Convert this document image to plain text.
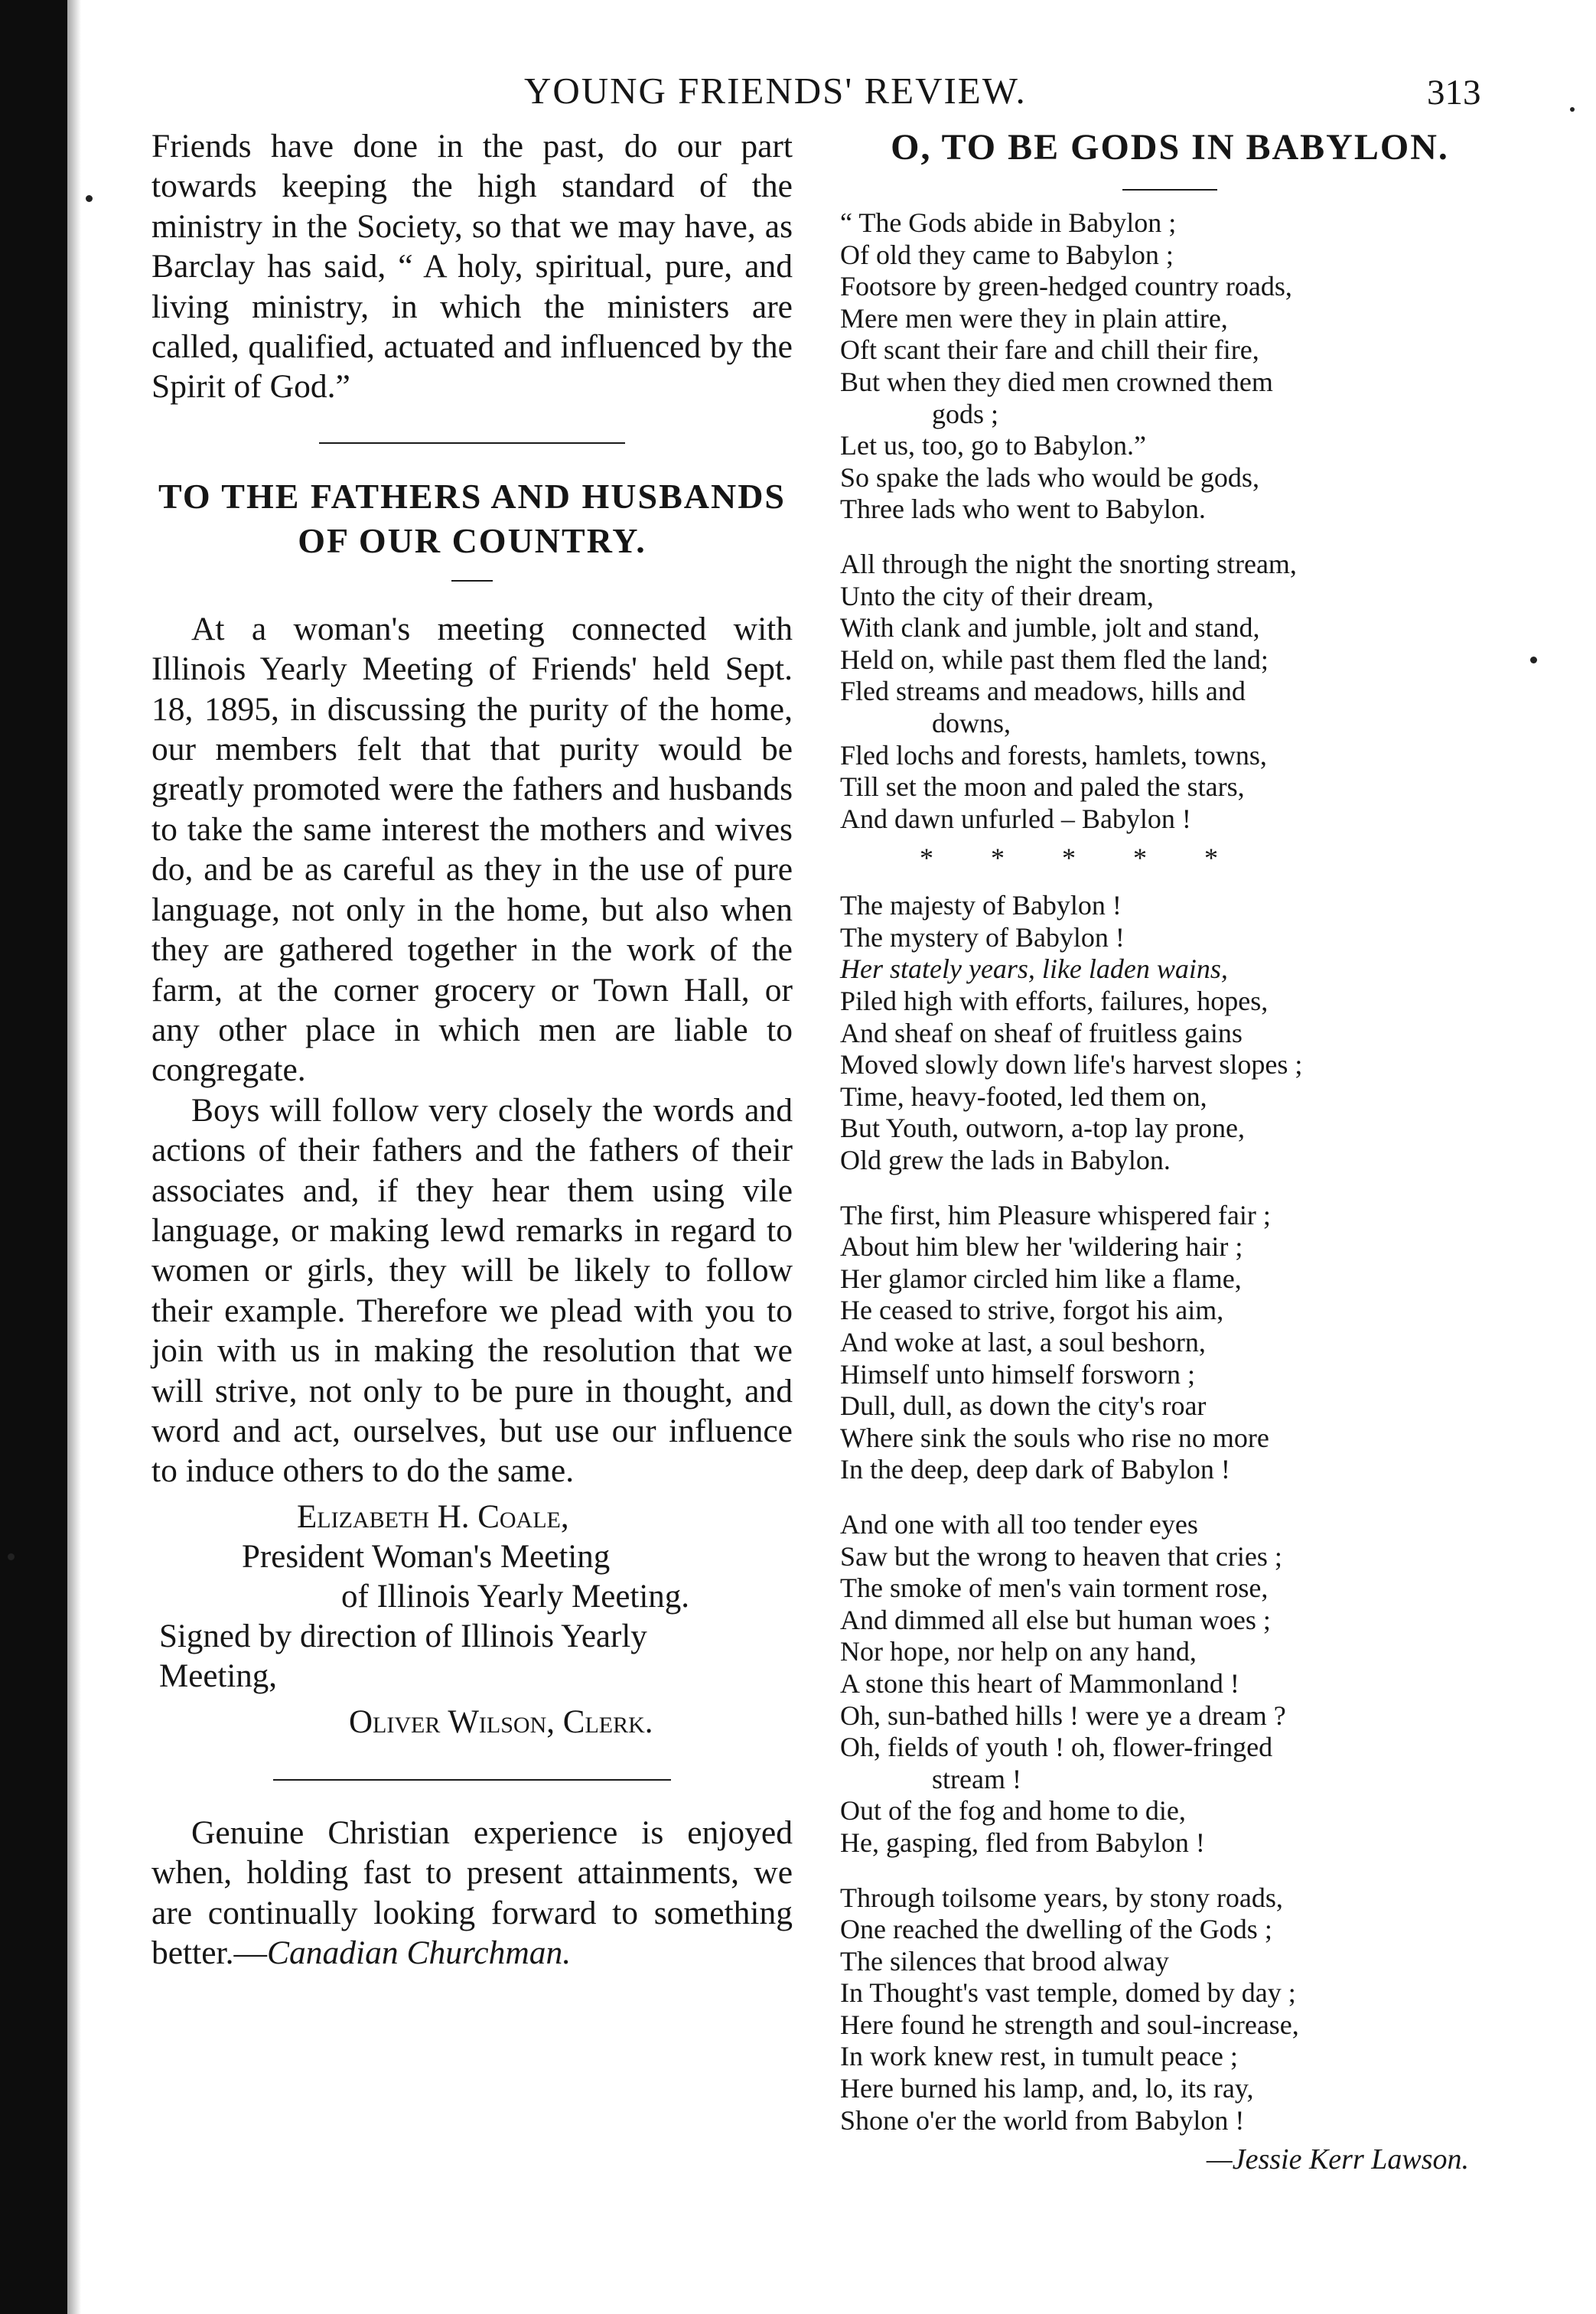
YOUNG FRIENDS' REVIEW.	313

Friends have done in the past, do our part towards keeping the high standard of the ministry in the Society, so that we may have, as Barclay has said, “ A holy, spiritual, pure, and living ministry, in which the ministers are called, qualified, actuated and influenced by the Spirit of God.”

TO THE FATHERS AND HUSBANDS OF OUR COUNTRY.

At a woman's meeting connected with Illinois Yearly Meeting of Friends' held Sept. 18, 1895, in discussing the purity of the home, our members felt that that purity would be greatly promoted were the fathers and husbands to take the same interest the mothers and wives do, and be as careful as they in the use of pure language, not only in the home, but also when they are gathered together in the work of the farm, at the corner grocery or Town Hall, or any other place in which men are liable to congregate.

Boys will follow very closely the words and actions of their fathers and the fathers of their associates and, if they hear them using vile language, or making lewd remarks in regard to women or girls, they will be likely to follow their example. Therefore we plead with you to join with us in making the resolution that we will strive, not only to be pure in thought, and word and act, ourselves, but use our influence to induce others to do the same.

Elizabeth H. Coale,

President Woman's Meeting

of Illinois Yearly Meeting.

Signed by direction of Illinois Yearly Meeting,

Oliver Wilson, Clerk.

Genuine Christian experience is enjoyed when, holding fast to present attainments, we are continually looking forward to something better.—Canadian Churchman.

O, TO BE GODS IN BABYLON.
“ The Gods abide in Babylon ;
Of old they came to Babylon ;
Footsore by green-hedged country roads,
Mere men were they in plain attire,
Oft scant their fare and chill their fire,
But when they died men crowned them
gods ;
Let us, too, go to Babylon.”
So spake the lads who would be gods,
Three lads who went to Babylon.
All through the night the snorting stream,
Unto the city of their dream,
With clank and jumble, jolt and stand,
Held on, while past them fled the land;
Fled streams and meadows, hills and
downs,
Fled lochs and forests, hamlets, towns,
Till set the moon and paled the stars,
And dawn unfurled – Babylon !
* * * * *
The majesty of Babylon !
The mystery of Babylon !
Her stately years, like laden wains,
Piled high with efforts, failures, hopes,
And sheaf on sheaf of fruitless gains
Moved slowly down life's harvest slopes ;
Time, heavy-footed, led them on,
But Youth, outworn, a-top lay prone,
Old grew the lads in Babylon.
The first, him Pleasure whispered fair ;
About him blew her 'wildering hair ;
Her glamor circled him like a flame,
He ceased to strive, forgot his aim,
And woke at last, a soul beshorn,
Himself unto himself forsworn ;
Dull, dull, as down the city's roar
Where sink the souls who rise no more
In the deep, deep dark of Babylon !
And one with all too tender eyes
Saw but the wrong to heaven that cries ;
The smoke of men's vain torment rose,
And dimmed all else but human woes ;
Nor hope, nor help on any hand,
A stone this heart of Mammonland !
Oh, sun-bathed hills ! were ye a dream ?
Oh, fields of youth ! oh, flower-fringed
stream !
Out of the fog and home to die,
He, gasping, fled from Babylon !
Through toilsome years, by stony roads,
One reached the dwelling of the Gods ;
The silences that brood alway
In Thought's vast temple, domed by day ;
Here found he strength and soul-increase,
In work knew rest, in tumult peace ;
Here burned his lamp, and, lo, its ray,
Shone o'er the world from Babylon !

—Jessie Kerr Lawson.
